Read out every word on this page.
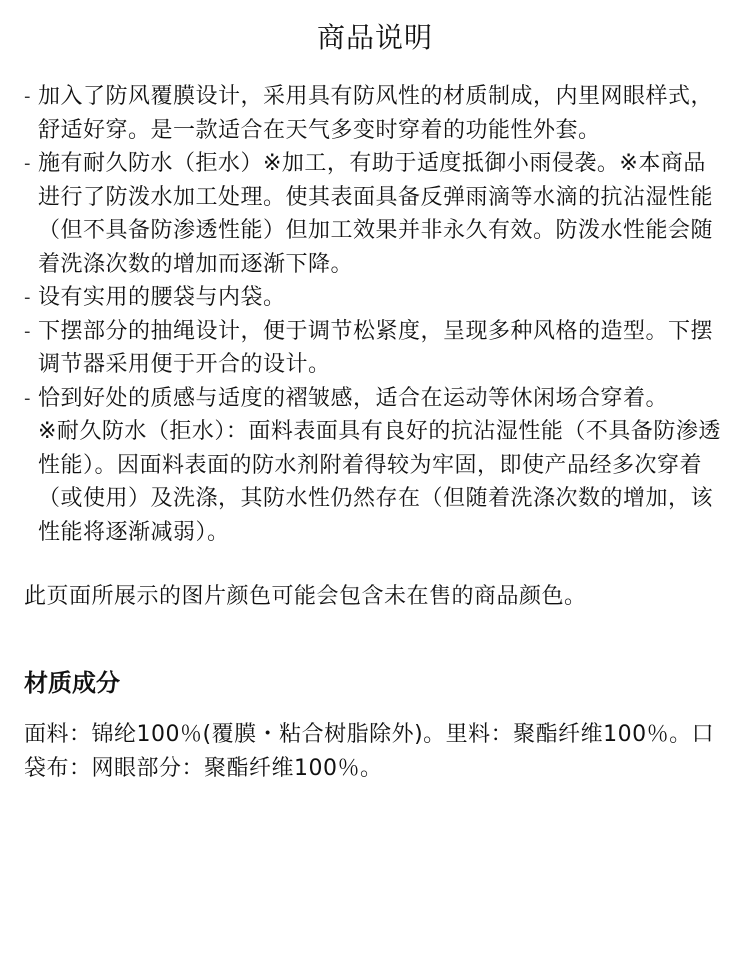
商品说明

- 加入了防风覆膜设计，采用具有防风性的材质制成，内里网眼样式，舒适好穿。是一款适合在天气多变时穿着的功能性外套。

- 施有耐久防水（拒水）※加工，有助于适度抵御小雨侵袭。※本商品进行了防泼水加工处理。使其表面具备反弹雨滴等水滴的抗沾湿性能（但不具备防渗透性能）但加工效果并非永久有效。防泼水性能会随着洗涤次数的增加而逐渐下降。

- 设有实用的腰袋与内袋。

- 下摆部分的抽绳设计，便于调节松紧度，呈现多种风格的造型。下摆调节器采用便于开合的设计。

- 恰到好处的质感与适度的褶皱感，适合在运动等休闲场合穿着。

※耐久防水（拒水）：面料表面具有良好的抗沾湿性能（不具备防渗透性能）。因面料表面的防水剂附着得较为牢固，即使产品经多次穿着（或使用）及洗涤，其防水性仍然存在（但随着洗涤次数的增加，该性能将逐渐减弱）。

此页面所展示的图片颜色可能会包含未在售的商品颜色。

材质成分

面料：锦纶100％(覆膜・粘合树脂除外)。里料：聚酯纤维100％。口袋布：网眼部分：聚酯纤维100％。
